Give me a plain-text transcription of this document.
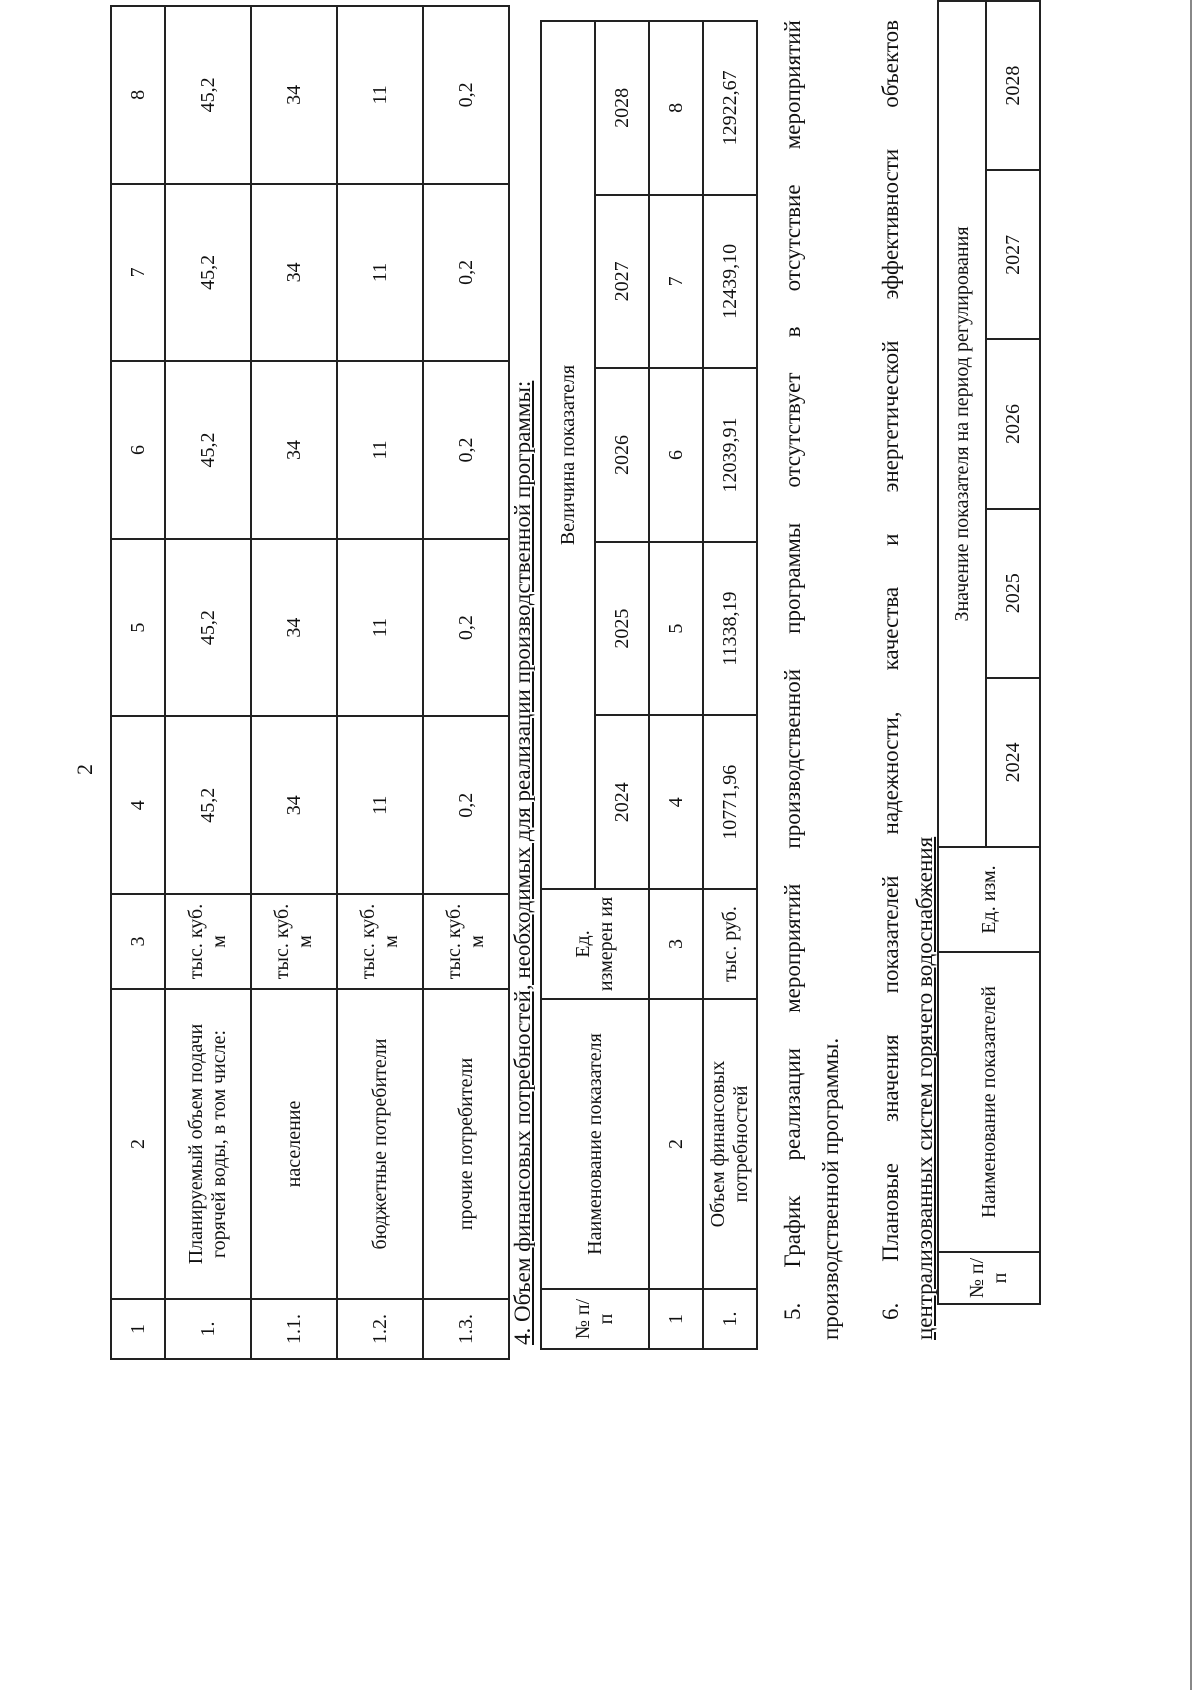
2
1	2	3	4	5	6	7	8
1.	Планируемый объем подачи горячей воды, в том числе:	тыс. куб. м	45,2	45,2	45,2	45,2	45,2
1.1.	население	тыс. куб. м	34	34	34	34	34
1.2.	бюджетные потребители	тыс. куб. м	11	11	11	11	11
1.3.	прочие потребители	тыс. куб. м	0,2	0,2	0,2	0,2	0,2
4. Объем финансовых потребностей, необходимых для реализации производственной программы: № п/п	Наименование показателя	Ед. измерен ия	Величина показателя				
			2024	2025	2026	2027	2028
1	2	3	4	5	6	7	8
1.	Объем финансовых потребностей	тыс. руб.	10771,96	11338,19	12039,91	12439,10	12922,67
5.
График
реализации
мероприятий
производственной
программы
отсутствует
в
отсутствие
мероприятий
производственной программы. 6.
Плановые
значения
показателей
надежности,
качества
и
энергетической
эффективности
объектов
централизованных систем горячего водоснабжения № п/п	Наименование показателей	Ед. изм.	Значение показателя на период регулирования				
			2024	2025	2026	2027	2028
